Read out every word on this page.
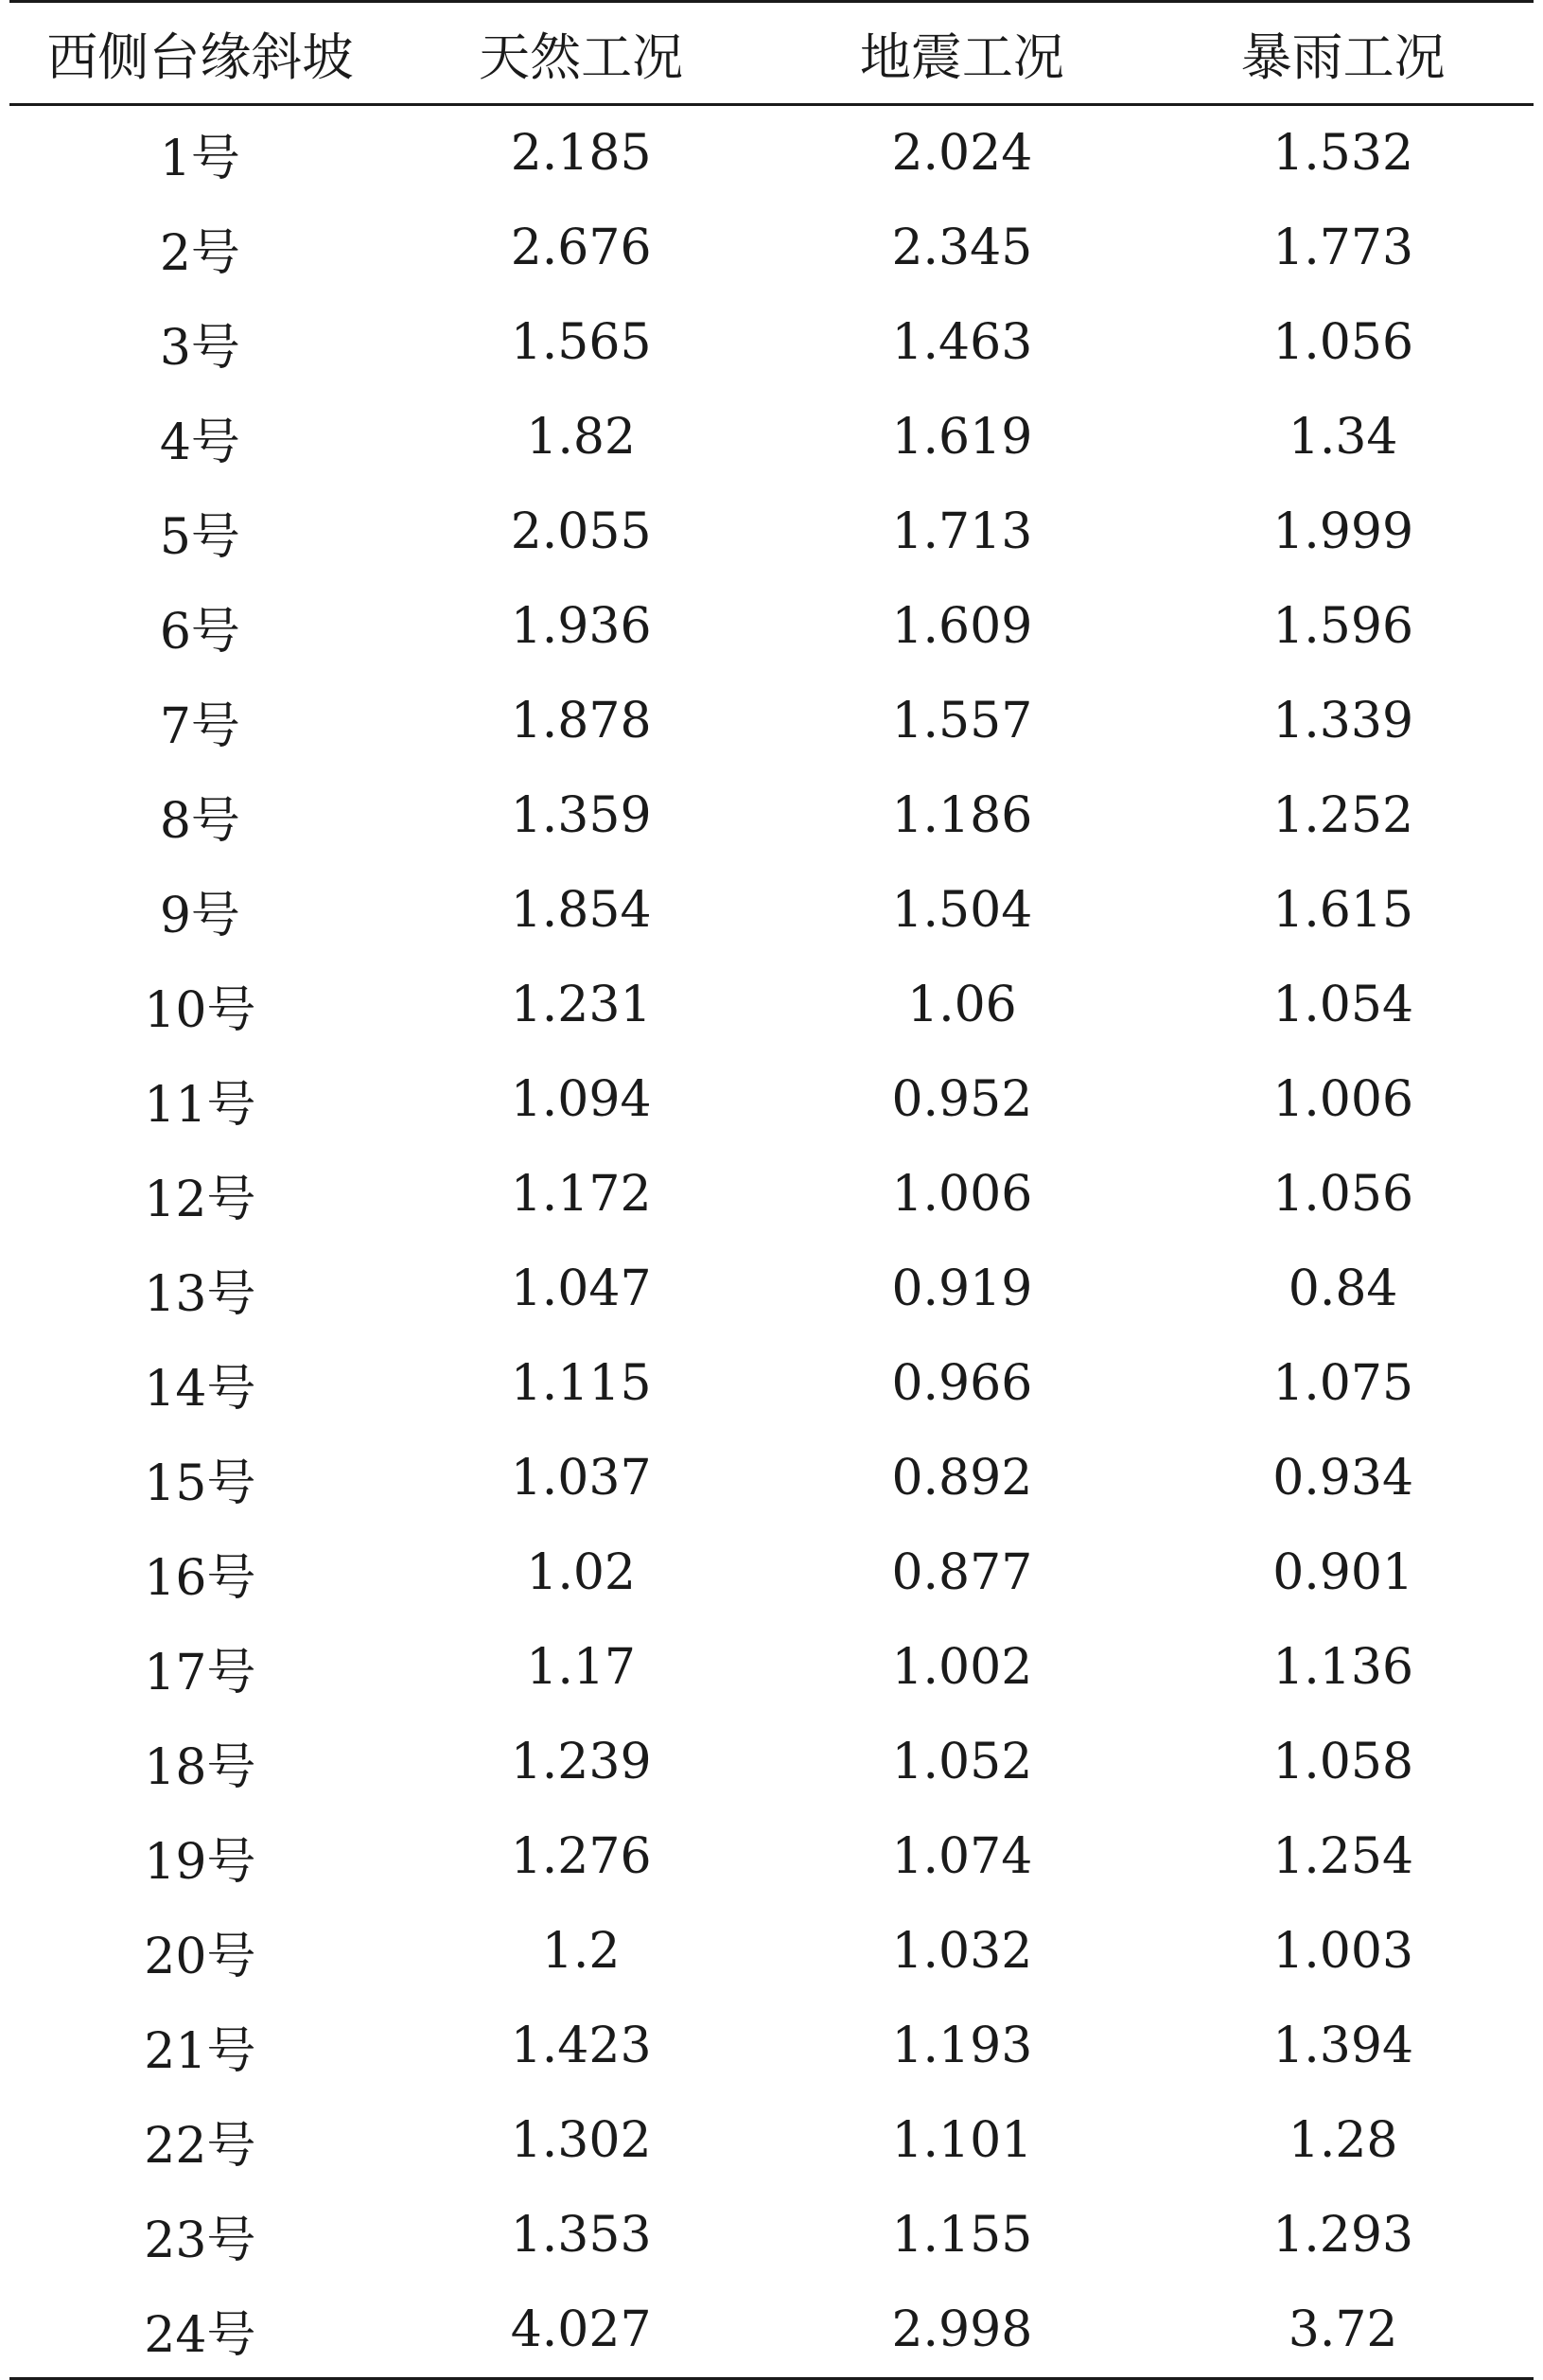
西侧台缘斜坡	天然工况	地震工况	暴雨工况
1号	2.185	2.024	1.532
2号	2.676	2.345	1.773
3号	1.565	1.463	1.056
4号	1.82	1.619	1.34
5号	2.055	1.713	1.999
6号	1.936	1.609	1.596
7号	1.878	1.557	1.339
8号	1.359	1.186	1.252
9号	1.854	1.504	1.615
10号	1.231	1.06	1.054
11号	1.094	0.952	1.006
12号	1.172	1.006	1.056
13号	1.047	0.919	0.84
14号	1.115	0.966	1.075
15号	1.037	0.892	0.934
16号	1.02	0.877	0.901
17号	1.17	1.002	1.136
18号	1.239	1.052	1.058
19号	1.276	1.074	1.254
20号	1.2	1.032	1.003
21号	1.423	1.193	1.394
22号	1.302	1.101	1.28
23号	1.353	1.155	1.293
24号	4.027	2.998	3.72
